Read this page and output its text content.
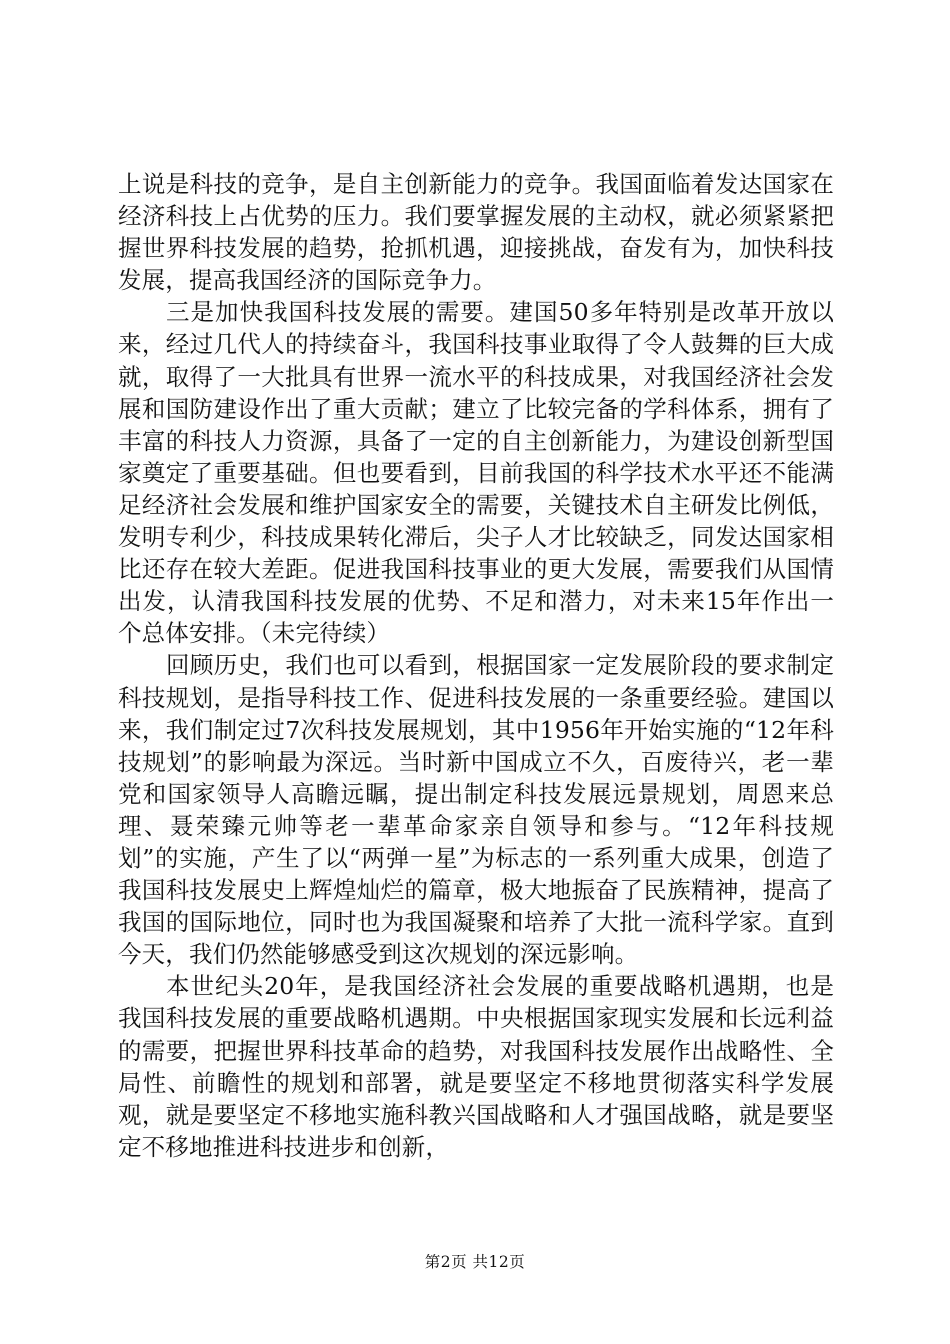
上说是科技的竞争，是自主创新能力的竞争。我国面临着发达国家在经济科技上占优势的压力。我们要掌握发展的主动权，就必须紧紧把握世界科技发展的趋势，抢抓机遇，迎接挑战，奋发有为，加快科技发展，提高我国经济的国际竞争力。

三是加快我国科技发展的需要。建国50多年特别是改革开放以来，经过几代人的持续奋斗，我国科技事业取得了令人鼓舞的巨大成就，取得了一大批具有世界一流水平的科技成果，对我国经济社会发展和国防建设作出了重大贡献；建立了比较完备的学科体系，拥有了丰富的科技人力资源，具备了一定的自主创新能力，为建设创新型国家奠定了重要基础。但也要看到，目前我国的科学技术水平还不能满足经济社会发展和维护国家安全的需要，关键技术自主研发比例低，发明专利少，科技成果转化滞后，尖子人才比较缺乏，同发达国家相比还存在较大差距。促进我国科技事业的更大发展，需要我们从国情出发，认清我国科技发展的优势、不足和潜力，对未来15年作出一个总体安排。（未完待续）

回顾历史，我们也可以看到，根据国家一定发展阶段的要求制定科技规划，是指导科技工作、促进科技发展的一条重要经验。建国以来，我们制定过7次科技发展规划，其中1956年开始实施的“12年科技规划”的影响最为深远。当时新中国成立不久，百废待兴，老一辈党和国家领导人高瞻远瞩，提出制定科技发展远景规划，周恩来总理、聂荣臻元帅等老一辈革命家亲自领导和参与。“12年科技规划”的实施，产生了以“两弹一星”为标志的一系列重大成果，创造了我国科技发展史上辉煌灿烂的篇章，极大地振奋了民族精神，提高了我国的国际地位，同时也为我国凝聚和培养了大批一流科学家。直到今天，我们仍然能够感受到这次规划的深远影响。

本世纪头20年，是我国经济社会发展的重要战略机遇期，也是我国科技发展的重要战略机遇期。中央根据国家现实发展和长远利益的需要，把握世界科技革命的趋势，对我国科技发展作出战略性、全局性、前瞻性的规划和部署，就是要坚定不移地贯彻落实科学发展观，就是要坚定不移地实施科教兴国战略和人才强国战略，就是要坚定不移地推进科技进步和创新，

第2页 共12页
